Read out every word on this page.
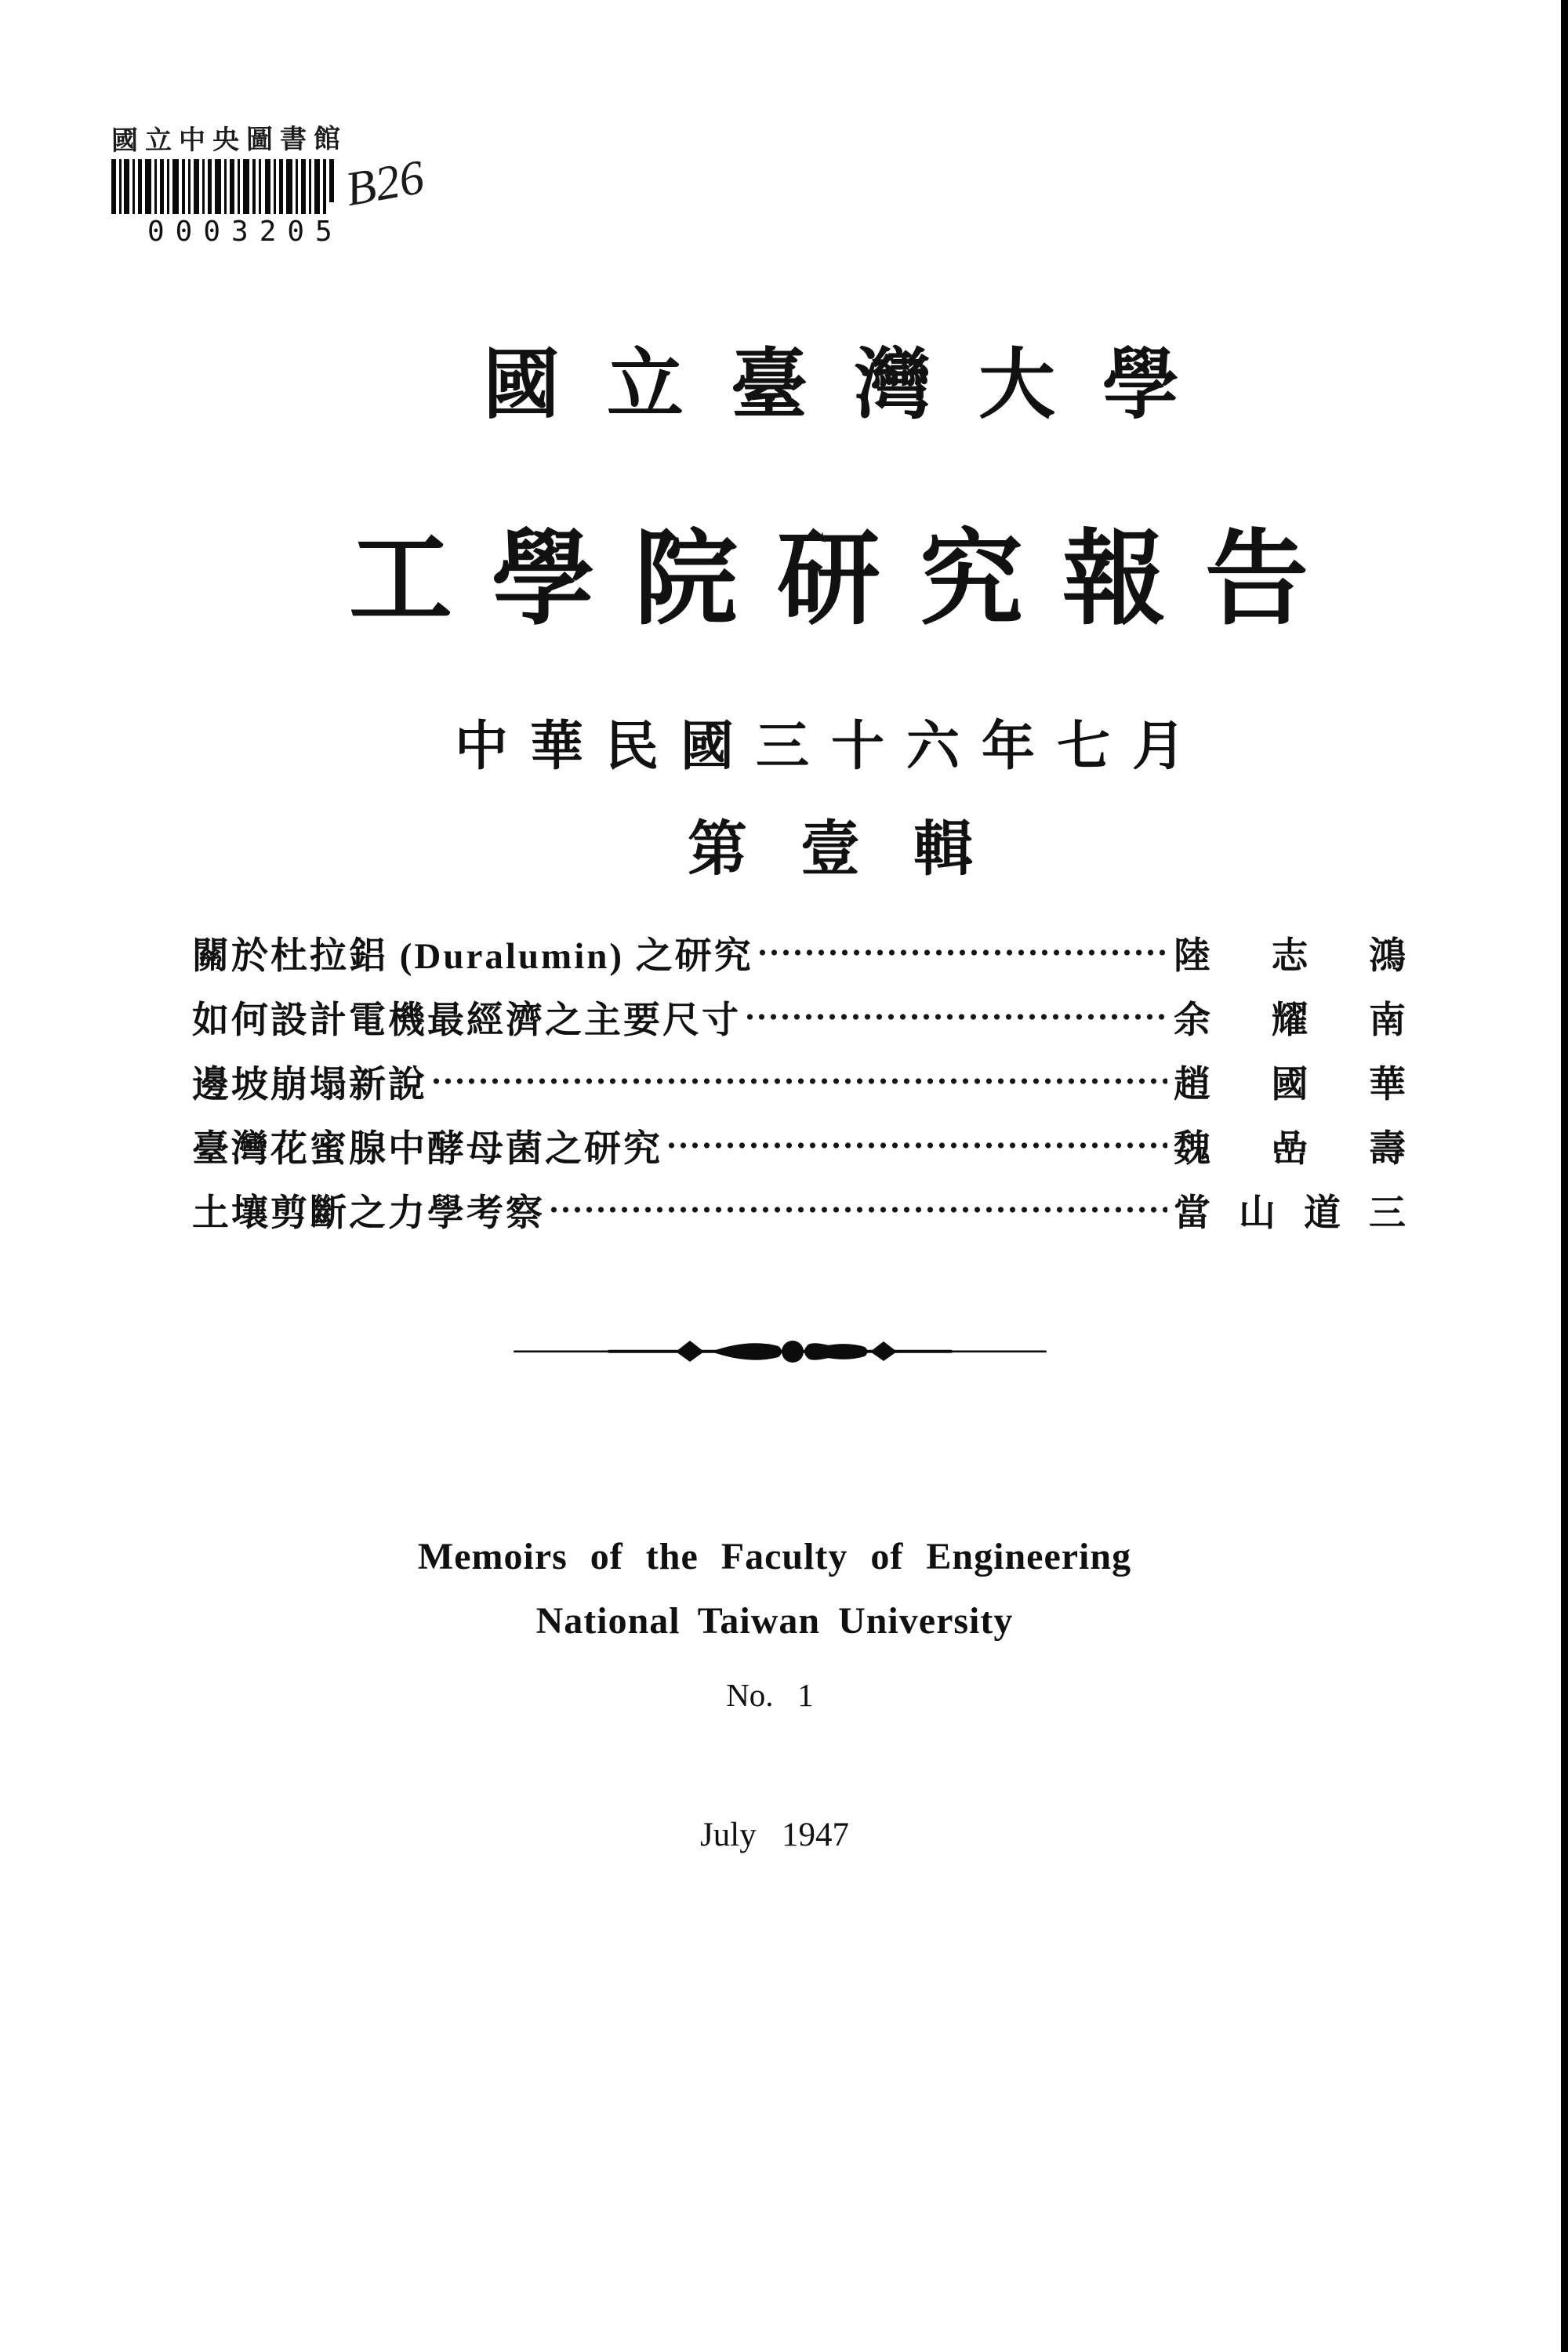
國立中央圖書館
B26
0003205
國立臺灣大學
工學院研究報告
中華民國三十六年七月
第壹輯
關於杜拉鋁 (Duralumin) 之研究	陸 志 鴻
如何設計電機最經濟之主要尺寸	余 耀 南
邊坡崩塌新說	趙 國 華
臺灣花蜜腺中酵母菌之研究	魏 嵒 壽
土壤剪斷之力學考察	當 山 道 三
Memoirs of the Faculty of Engineering
National Taiwan University
No.   1
July   1947
